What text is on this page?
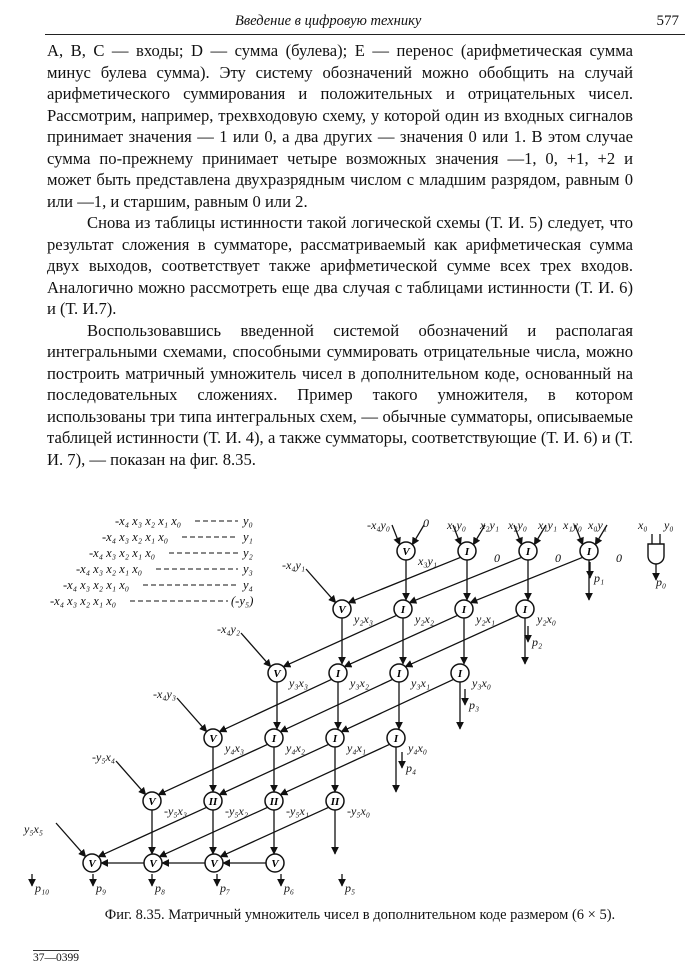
Введение в цифровую технику	577

A, B, C — входы; D — сумма (булева); E — перенос (арифметическая сумма минус булева сумма). Эту систему обозначений можно обобщить на случай арифметического суммирования и положительных и отрицательных чисел. Рассмотрим, например, трехвходовую схему, у которой один из входных сигналов принимает значения — 1 или 0, а два других — значения 0 или 1. В этом случае сумма по-прежнему принимает четыре возможных значения —1, 0, +1, +2 и может быть представлена двухразрядным числом с младшим разрядом, равным 0 или —1, и старшим, равным 0 или 2.

Снова из таблицы истинности такой логической схемы (Т. И. 5) следует, что результат сложения в сумматоре, рассматриваемый как арифметическая сумма двух выходов, соответствует также арифметической сумме всех трех входов. Аналогично можно рассмотреть еще два случая с таблицами истинности (Т. И. 6) и (Т. И.7).

Воспользовавшись введенной системой обозначений и располагая интегральными схемами, способными суммировать отрицательные числа, можно построить матричный умножитель чисел в дополнительном коде, основанный на последовательных сложениях. Пример такого умножителя, в котором использованы три типа интегральных схем, — обычные сумматоры, описываемые таблицей истинности (Т. И. 4), а также сумматоры, соответствующие (Т. И. 6) и (Т. И. 7), — показан на фиг. 8.35.

V	I	I	I
V	I	I	I
V	I	I	I
V	I	I	I
V	II	II	II
V	V	V	V
-x₄ x₃ x₂ x₁ x₀	y₀
-x₄ x₃ x₂ x₁ x₀	y₁
-x₄ x₃ x₂ x₁ x₀	y₂
-x₄ x₃ x₂ x₁ x₀	y₃
-x₄ x₃ x₂ x₁ x₀	y₄
-x₄ x₃ x₂ x₁ x₀	(-y₅)
-x₄y₁
-x₄y₂
-x₄y₃
-y₅x₄
y₅x₅
-x₄y₀	0 x₃y₀ x₂y₁ x₂y₀ x₁y₁ x₁y₀ x₀y₁	x₀ y₀
0	0	0
x₃y₁
y₂x₃	y₂x₂	y₂x₁	y₂x₀
y₃x₃	y₃x₂	y₃x₁	y₃x₀
y₄x₃	y₄x₂	y₄x₁	y₄x₀
-y₅x₃	-y₅x₂	-y₅x₁	-y₅x₀
p₀
p₁
p₂
p₃
p₄
p₅
p₆
p₇
p₈
p₉
p₁₀
Фиг. 8.35. Матричный умножитель чисел в дополнительном коде размером (6 × 5).
37—0399
